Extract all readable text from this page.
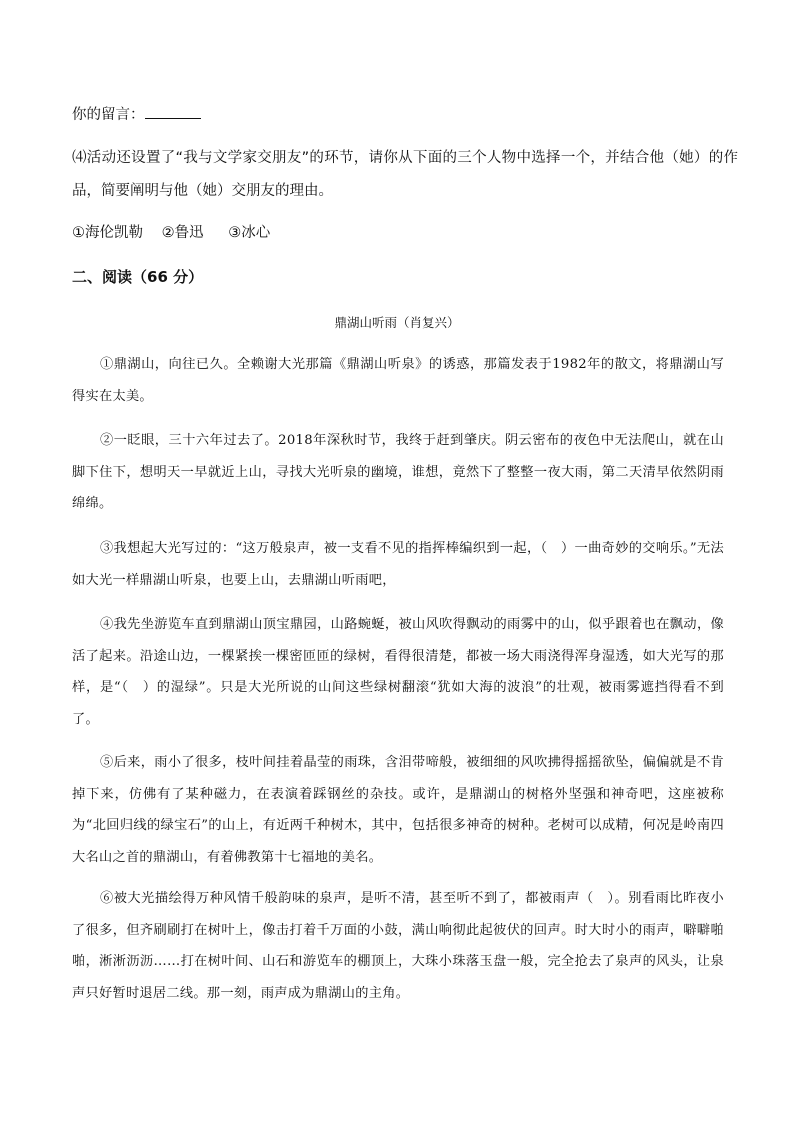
你的留言：
⑷活动还设置了“我与文学家交朋友”的环节，请你从下面的三个人物中选择一个，并结合他（她）的作品，简要阐明与他（她）交朋友的理由。
①海伦凯勒 ②鲁迅 ③冰心
二、阅读（66 分）
鼎湖山听雨（肖复兴）
①鼎湖山，向往已久。全赖谢大光那篇《鼎湖山听泉》的诱惑，那篇发表于1982年的散文，将鼎湖山写得实在太美。
②一眨眼，三十六年过去了。2018年深秋时节，我终于赶到肇庆。阴云密布的夜色中无法爬山，就在山脚下住下，想明天一早就近上山，寻找大光听泉的幽境，谁想，竟然下了整整一夜大雨，第二天清早依然阴雨绵绵。
③我想起大光写过的：“这万般泉声，被一支看不见的指挥棒编织到一起，（　）一曲奇妙的交响乐。”无法如大光一样鼎湖山听泉，也要上山，去鼎湖山听雨吧，
④我先坐游览车直到鼎湖山顶宝鼎园，山路蜿蜒，被山风吹得飘动的雨雾中的山，似乎跟着也在飘动，像活了起来。沿途山边，一棵紧挨一棵密匝匝的绿树，看得很清楚，都被一场大雨浇得浑身湿透，如大光写的那样，是“（　）的湿绿”。只是大光所说的山间这些绿树翻滚“犹如大海的波浪”的壮观，被雨雾遮挡得看不到了。
⑤后来，雨小了很多，枝叶间挂着晶莹的雨珠，含泪带啼般，被细细的风吹拂得摇摇欲坠，偏偏就是不肯掉下来，仿佛有了某种磁力，在表演着踩钢丝的杂技。或许，是鼎湖山的树格外坚强和神奇吧，这座被称为“北回归线的绿宝石”的山上，有近两千种树木，其中，包括很多神奇的树种。老树可以成精，何况是岭南四大名山之首的鼎湖山，有着佛教第十七福地的美名。
⑥被大光描绘得万种风情千般韵味的泉声，是听不清，甚至听不到了，都被雨声（　）。别看雨比昨夜小了很多，但齐刷刷打在树叶上，像击打着千万面的小鼓，满山响彻此起彼伏的回声。时大时小的雨声，噼噼啪啪，淅淅沥沥……打在树叶间、山石和游览车的棚顶上，大珠小珠落玉盘一般，完全抢去了泉声的风头，让泉声只好暂时退居二线。那一刻，雨声成为鼎湖山的主角。
